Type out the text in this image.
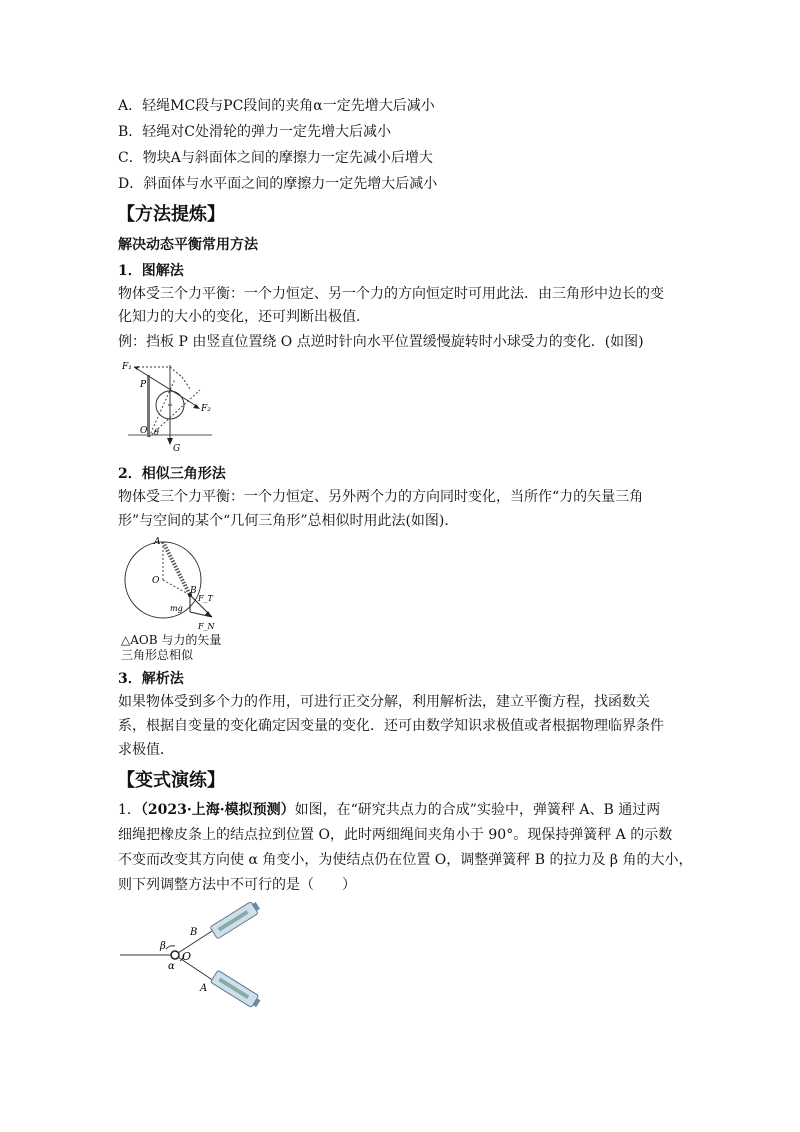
A．轻绳MC段与PC段间的夹角α一定先增大后减小
B．轻绳对C处滑轮的弹力一定先增大后减小
C．物块A与斜面体之间的摩擦力一定先减小后增大
D．斜面体与水平面之间的摩擦力一定先增大后减小
【方法提炼】
解决动态平衡常用方法
1．图解法
物体受三个力平衡：一个力恒定、另一个力的方向恒定时可用此法．由三角形中边长的变
化知力的大小的变化，还可判断出极值．
例：挡板 P 由竖直位置绕 O 点逆时针向水平位置缓慢旋转时小球受力的变化．(如图)
F₁
P
F₂
O θ
G
2．相似三角形法
物体受三个力平衡：一个力恒定、另外两个力的方向同时变化，当所作“力的矢量三角
形”与空间的某个“几何三角形”总相似时用此法(如图)．
A
O
B
F_T
mg
F_N
△AOB 与力的矢量
三角形总相似
3．解析法
如果物体受到多个力的作用，可进行正交分解，利用解析法，建立平衡方程，找函数关
系，根据自变量的变化确定因变量的变化．还可由数学知识求极值或者根据物理临界条件
求极值．
【变式演练】
1．（2023·上海·模拟预测）如图，在“研究共点力的合成”实验中，弹簧秤 A、B 通过两
细绳把橡皮条上的结点拉到位置 O，此时两细绳间夹角小于 90°。现保持弹簧秤 A 的示数
不变而改变其方向使 α 角变小，为使结点仍在位置 O，调整弹簧秤 B 的拉力及 β 角的大小，
则下列调整方法中不可行的是（　　）
β
B
O
α
A
